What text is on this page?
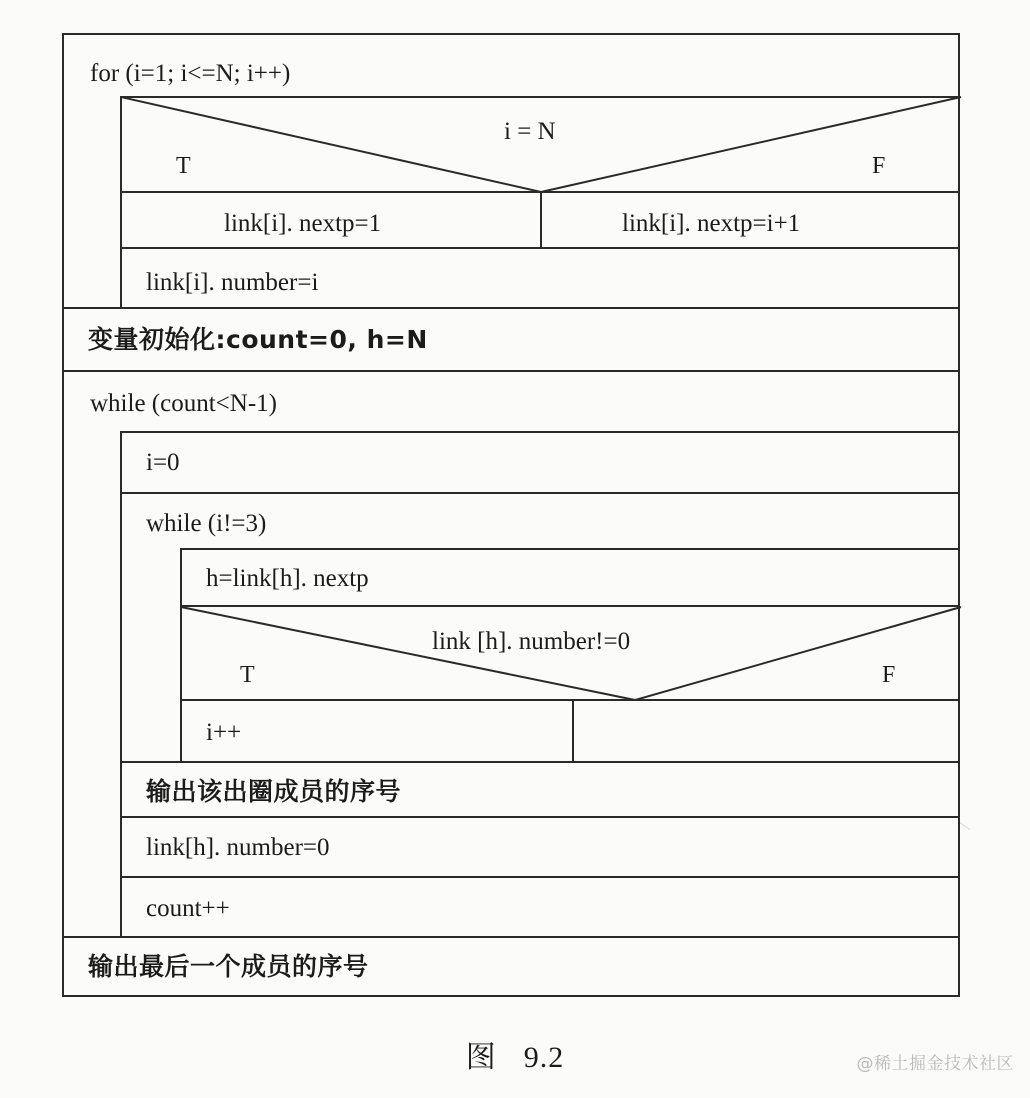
for (i=1; i<=N; i++)
i = N
T	F
link[i]. nextp=1	link[i]. nextp=i+1
link[i]. number=i
变量初始化:count=0, h=N
while (count<N-1)
i=0
while (i!=3)
h=link[h]. nextp
link [h]. number!=0
T	F
i++
输出该出圈成员的序号
link[h]. number=0
count++
输出最后一个成员的序号
图 9.2	@稀土掘金技术社区
